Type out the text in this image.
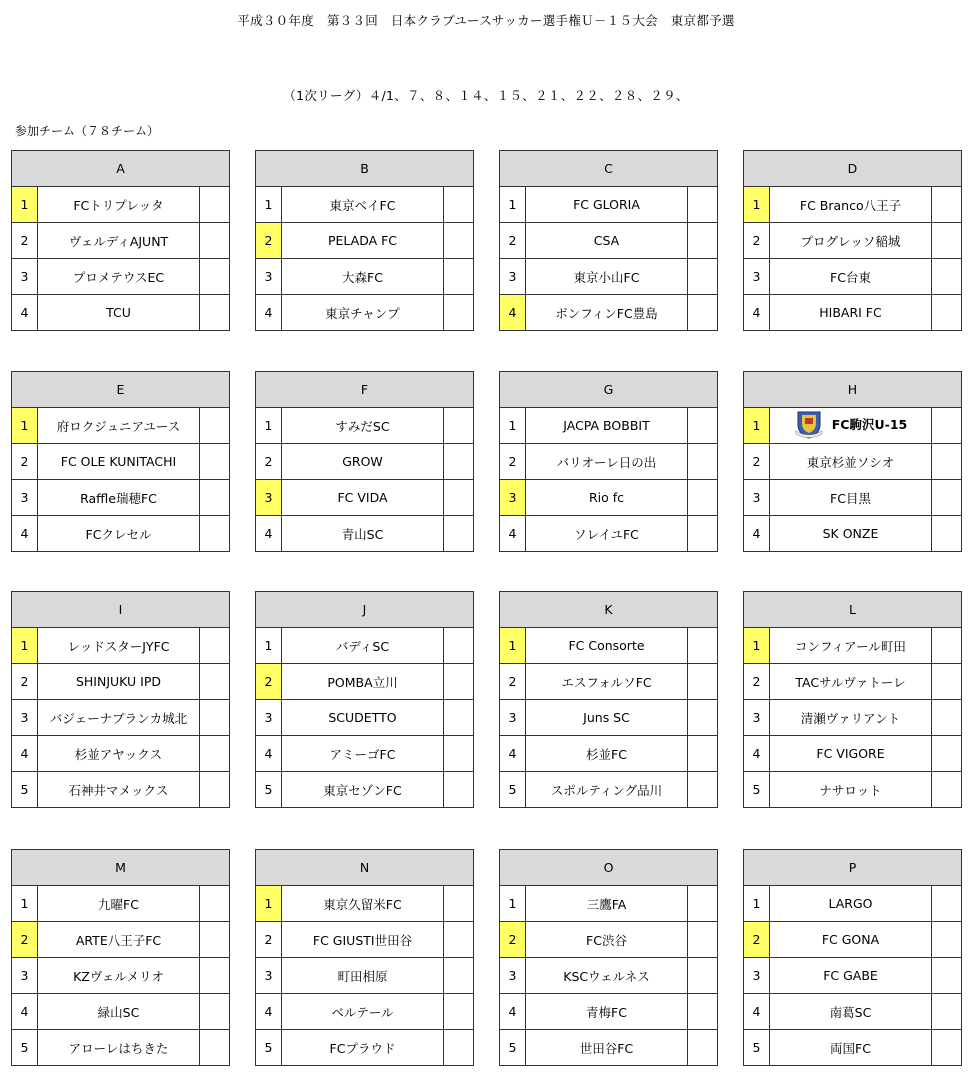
平成３０年度　第３３回　日本クラブユースサッカー選手権Ｕ－１５大会　東京都予選
（1次リーグ）４/1、７、８、１４、１５、２１、２２、２８、２９、
参加チーム（７８チーム）
A		
1	FCトリプレッタ	
2	ヴェルディAJUNT	
3	プロメテウスEC	
4	TCU	
B		
1	東京ベイFC	
2	PELADA FC	
3	大森FC	
4	東京チャンプ	
C		
1	FC GLORIA	
2	CSA	
3	東京小山FC	
4	ボンフィンFC豊島	
D		
1	FC Branco八王子	
2	プログレッソ稲城	
3	FC台東	
4	HIBARI FC	
E		
1	府ロクジュニアユース	
2	FC OLE KUNITACHI	
3	Raffle瑞穂FC	
4	FCクレセル	
F		
1	すみだSC	
2	GROW	
3	FC VIDA	
4	青山SC	
G		
1	JACPA BOBBIT	
2	バリオーレ日の出	
3	Rio fc	
4	ソレイユFC	
H		
1	FC駒沢U-15	

2	東京杉並ソシオ	
3	FC目黒	
4	SK ONZE	
I		
1	レッドスターJYFC	
2	SHINJUKU IPD	
3	バジェーナブランカ城北	
4	杉並アヤックス	
5	石神井マメックス	
J		
1	バディSC	
2	POMBA立川	
3	SCUDETTO	
4	アミーゴFC	
5	東京セゾンFC	
K		
1	FC Consorte	
2	エスフォルソFC	
3	Juns SC	
4	杉並FC	
5	スポルティング品川	
L		
1	コンフィアール町田	
2	TACサルヴァトーレ	
3	清瀬ヴァリアント	
4	FC VIGORE	
5	ナサロット	
M		
1	九曜FC	
2	ARTE八王子FC	
3	KZヴェルメリオ	
4	緑山SC	
5	アローレはちきた	
N		
1	東京久留米FC	
2	FC GIUSTI世田谷	
3	町田相原	
4	ベルテール	
5	FCプラウド	
O		
1	三鷹FA	
2	FC渋谷	
3	KSCウェルネス	
4	青梅FC	
5	世田谷FC	
P		
1	LARGO	
2	FC GONA	
3	FC GABE	
4	南葛SC	
5	両国FC	
